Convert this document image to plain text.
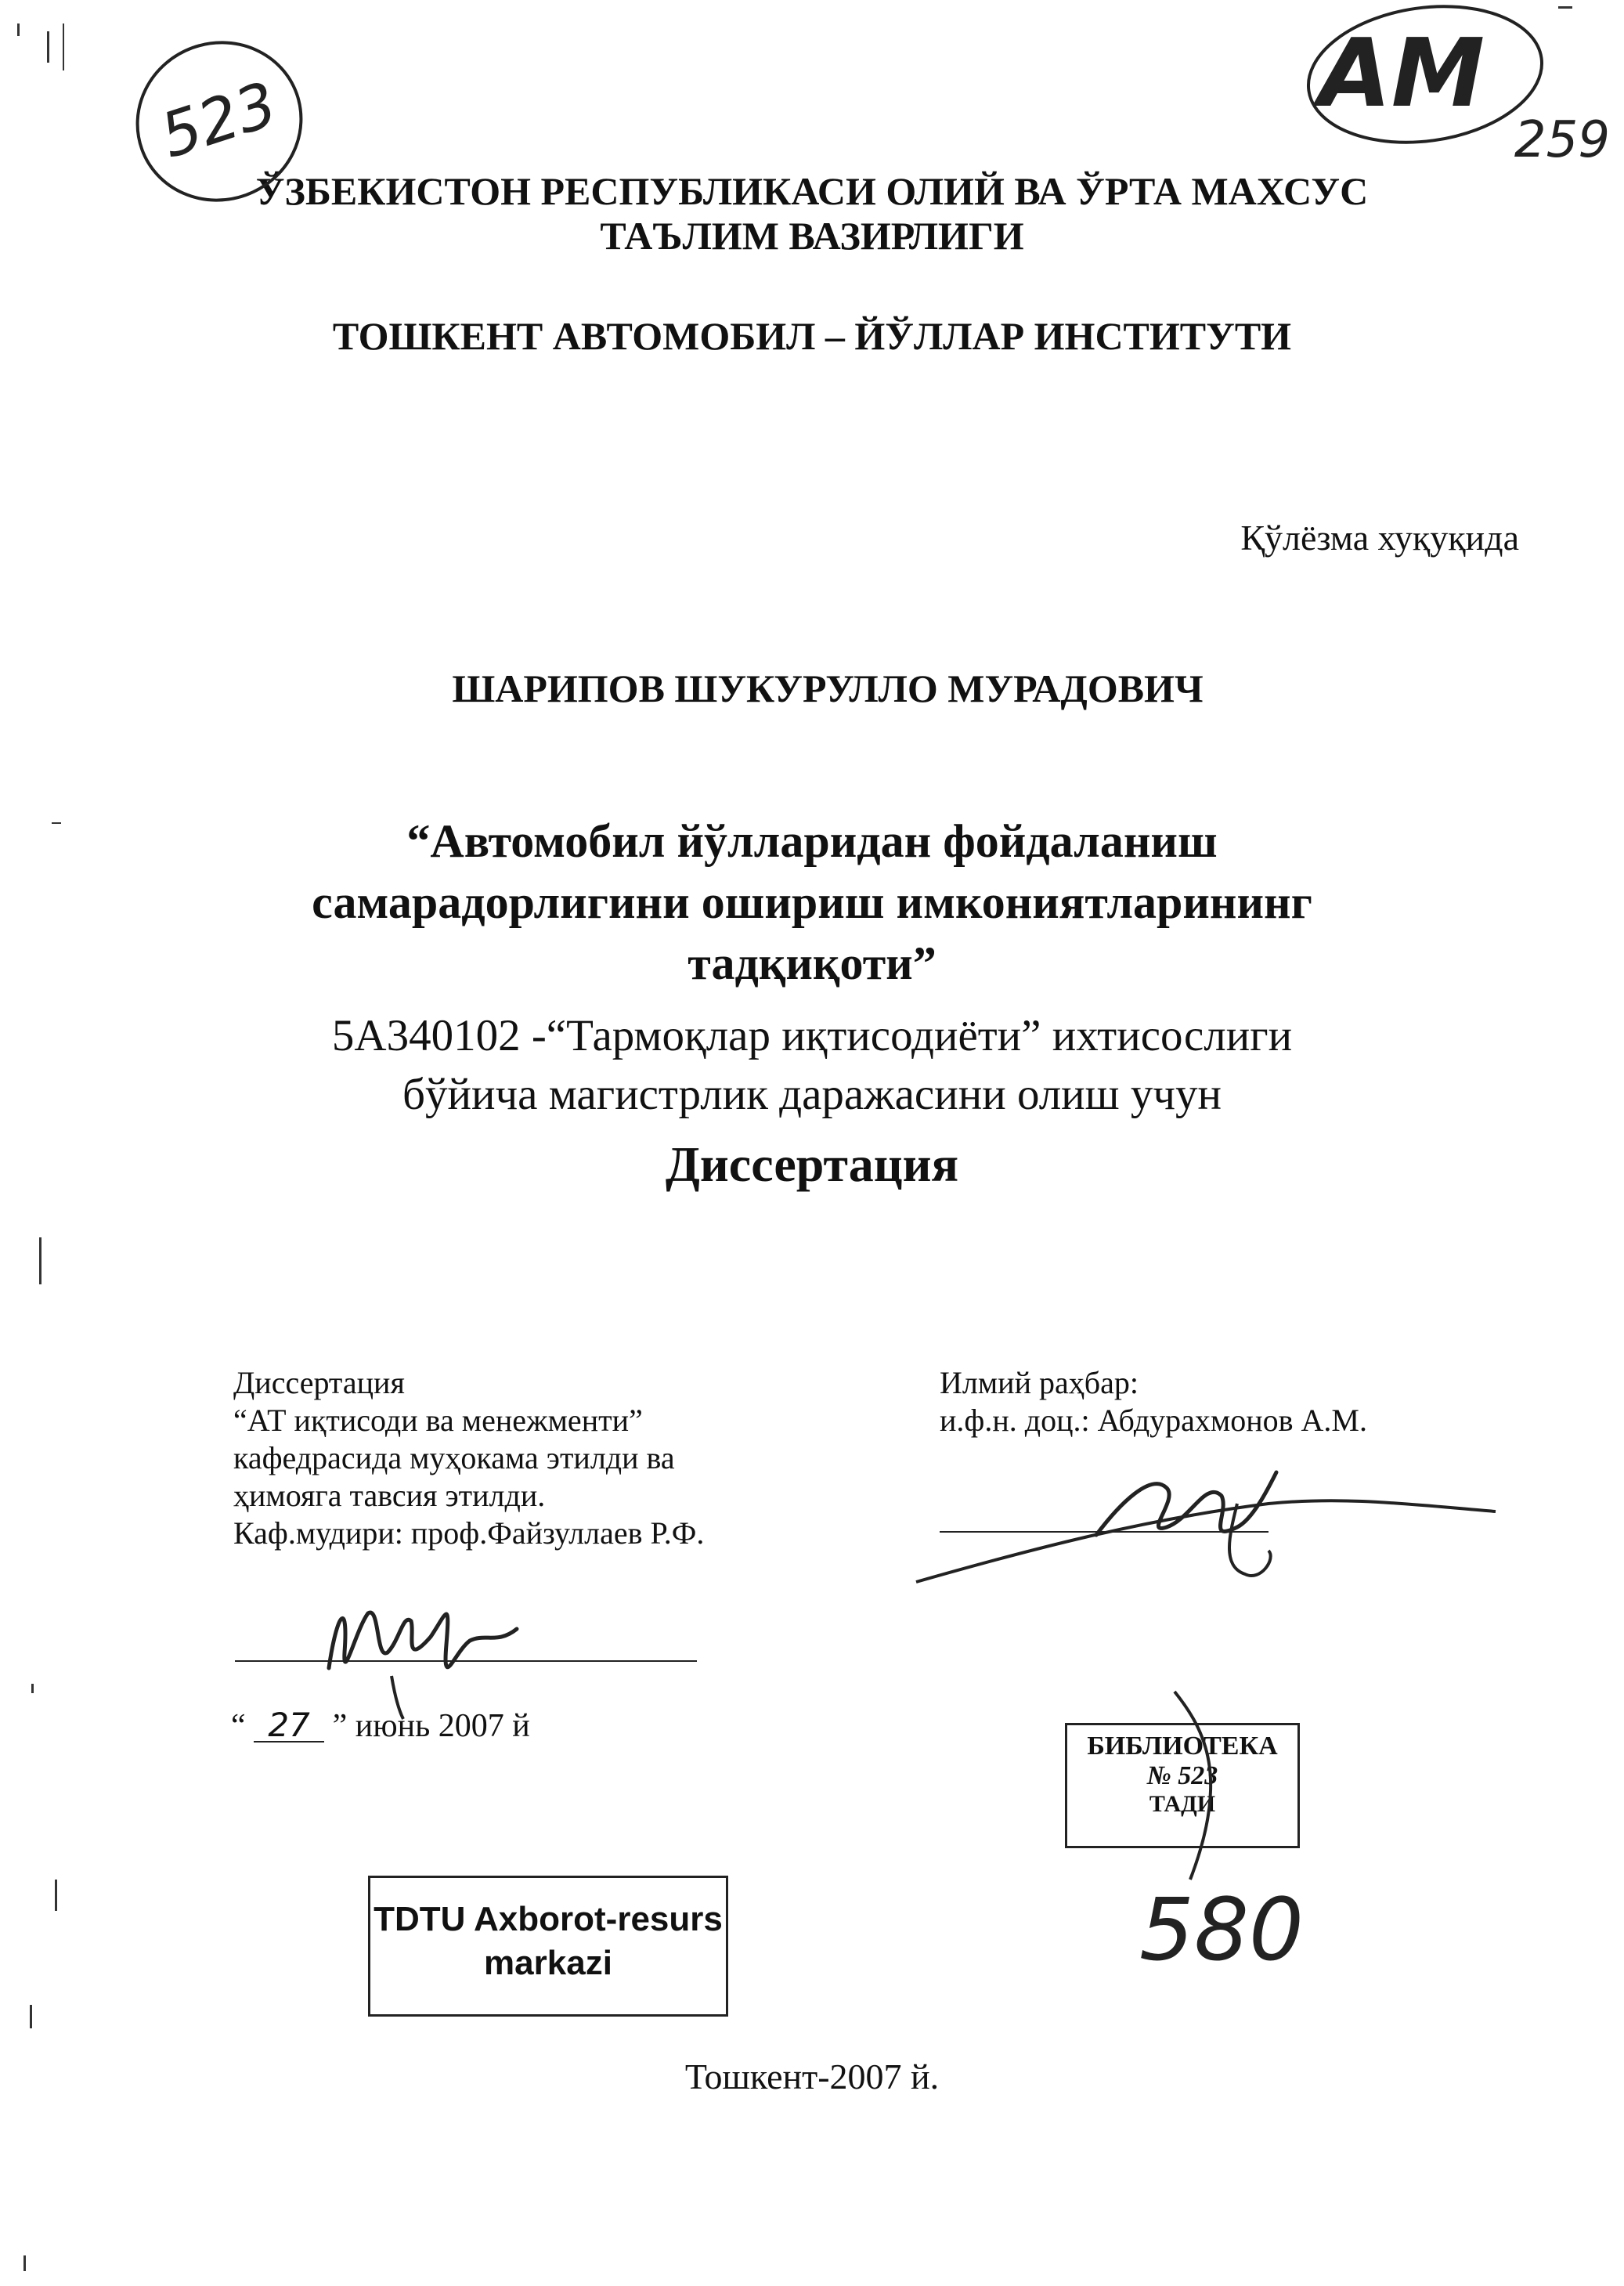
ЎЗБЕКИСТОН РЕСПУБЛИКАСИ ОЛИЙ ВА ЎРТА МАХСУС
ТАЪЛИМ ВАЗИРЛИГИ
ТОШКЕНТ АВТОМОБИЛ – ЙЎЛЛАР ИНСТИТУТИ
Қўлёзма хуқуқида
ШАРИПОВ ШУКУРУЛЛО МУРАДОВИЧ
“Автомобил йўлларидан фойдаланиш
самарадорлигини ошириш имкониятларининг
тадқиқоти”
5А340102 -“Тармоқлар иқтисодиёти” ихтисослиги
бўйича магистрлик даражасини олиш учун
Диссертация
Диссертация
“АТ иқтисоди ва менежменти”
кафедрасида муҳокама этилди ва
ҳимояга тавсия этилди.
Каф.мудири: проф.Файзуллаев Р.Ф.
“ 27 ” июнь 2007 й
Илмий раҳбар:
и.ф.н. доц.: Абдурахмонов А.М.
523	АМ
259
БИБЛИОТЕКА
№ 523
ТАДИ
TDTU Axborot-resurs
markazi	580
Тошкент-2007 й.
